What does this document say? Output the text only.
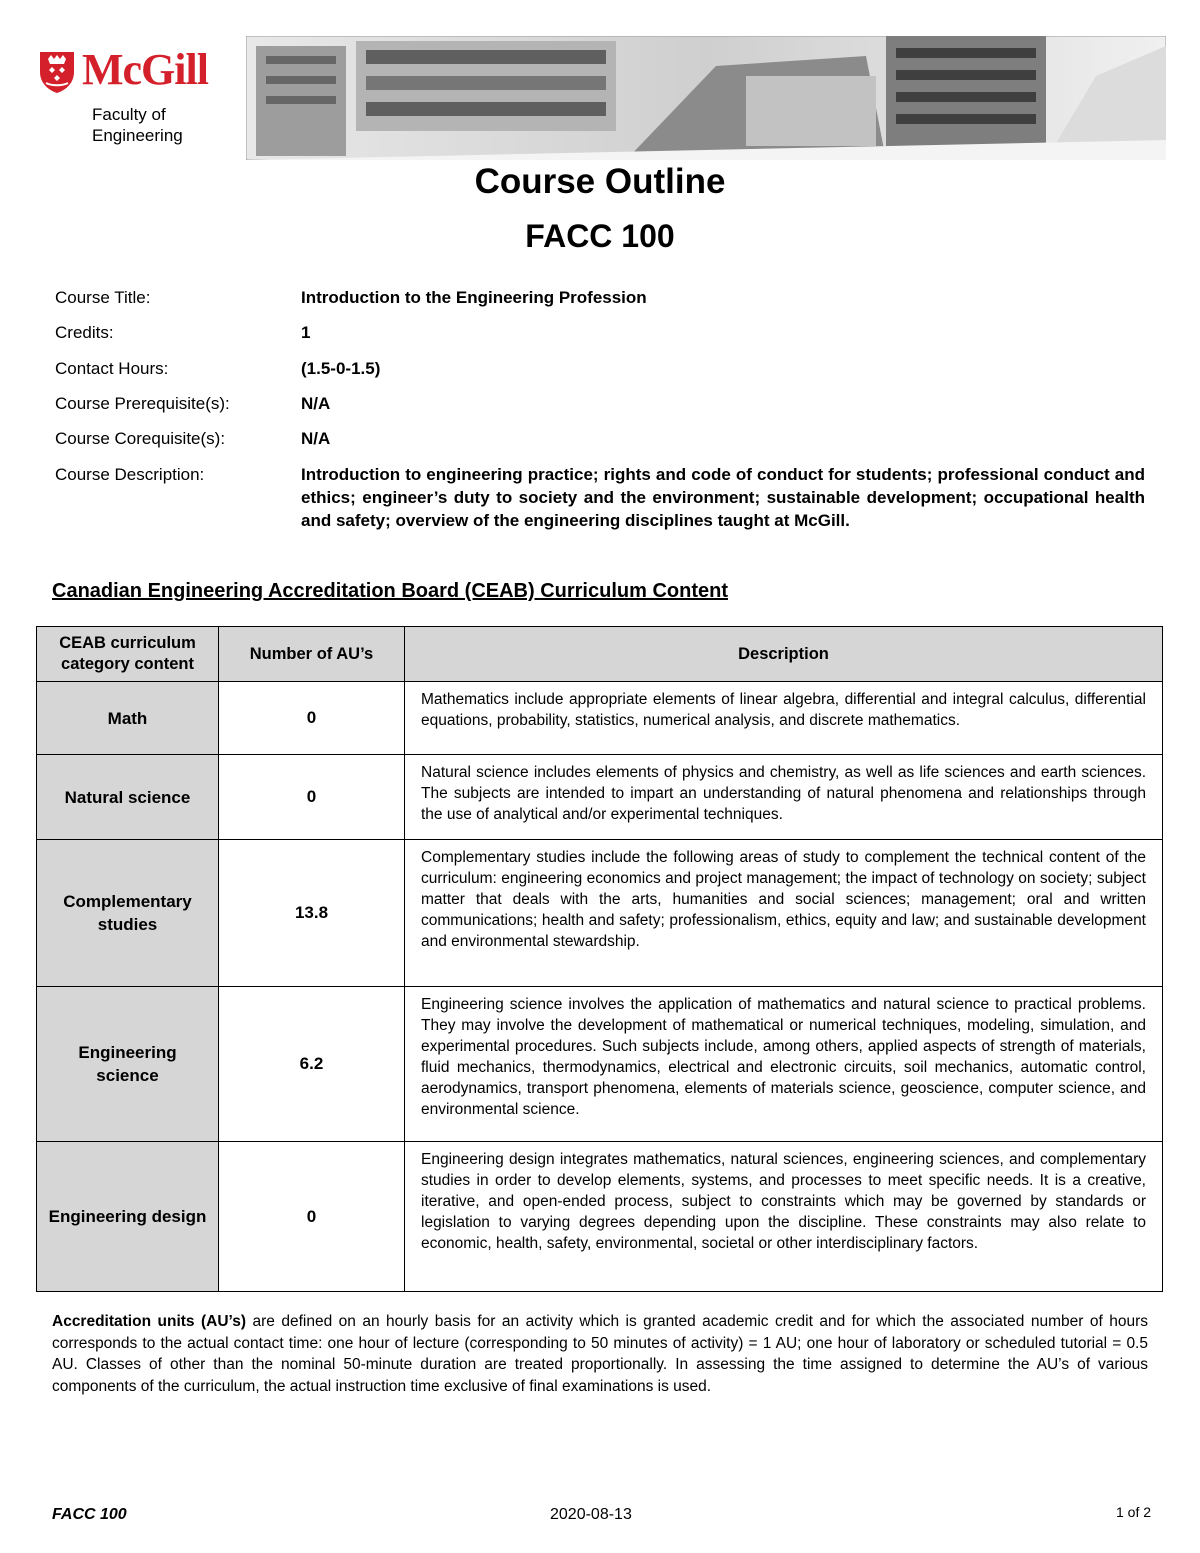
McGill
Faculty of
Engineering
Course Outline
FACC 100
Course Title:	Introduction to the Engineering Profession
Credits:	1
Contact Hours:	(1.5-0-1.5)
Course Prerequisite(s):	N/A
Course Corequisite(s):	N/A
Course Description:	Introduction to engineering practice; rights and code of conduct for students; professional conduct and ethics; engineer’s duty to society and the environment; sustainable development; occupational health and safety; overview of the engineering disciplines taught at McGill.
Canadian Engineering Accreditation Board (CEAB) Curriculum Content
CEAB curriculum category content	Number of AU’s	Description
Math	0	Mathematics include appropriate elements of linear algebra, differential and integral calculus, differential equations, probability, statistics, numerical analysis, and discrete mathematics.
Natural science	0	Natural science includes elements of physics and chemistry, as well as life sciences and earth sciences. The subjects are intended to impart an understanding of natural phenomena and relationships through the use of analytical and/or experimental techniques.
Complementary studies	13.8	Complementary studies include the following areas of study to complement the technical content of the curriculum: engineering economics and project management; the impact of technology on society; subject matter that deals with the arts, humanities and social sciences; management; oral and written communications; health and safety; professionalism, ethics, equity and law; and sustainable development and environmental stewardship.
Engineering science	6.2	Engineering science involves the application of mathematics and natural science to practical problems. They may involve the development of mathematical or numerical techniques, modeling, simulation, and experimental procedures. Such subjects include, among others, applied aspects of strength of materials, fluid mechanics, thermodynamics, electrical and electronic circuits, soil mechanics, automatic control, aerodynamics, transport phenomena, elements of materials science, geoscience, computer science, and environmental science.
Engineering design	0	Engineering design integrates mathematics, natural sciences, engineering sciences, and complementary studies in order to develop elements, systems, and processes to meet specific needs. It is a creative, iterative, and open-ended process, subject to constraints which may be governed by standards or legislation to varying degrees depending upon the discipline. These constraints may also relate to economic, health, safety, environmental, societal or other interdisciplinary factors.
Accreditation units (AU’s) are defined on an hourly basis for an activity which is granted academic credit and for which the associated number of hours corresponds to the actual contact time: one hour of lecture (corresponding to 50 minutes of activity) = 1 AU; one hour of laboratory or scheduled tutorial = 0.5 AU. Classes of other than the nominal 50-minute duration are treated proportionally. In assessing the time assigned to determine the AU’s of various components of the curriculum, the actual instruction time exclusive of final examinations is used.
FACC 100	2020-08-13	1 of 2
